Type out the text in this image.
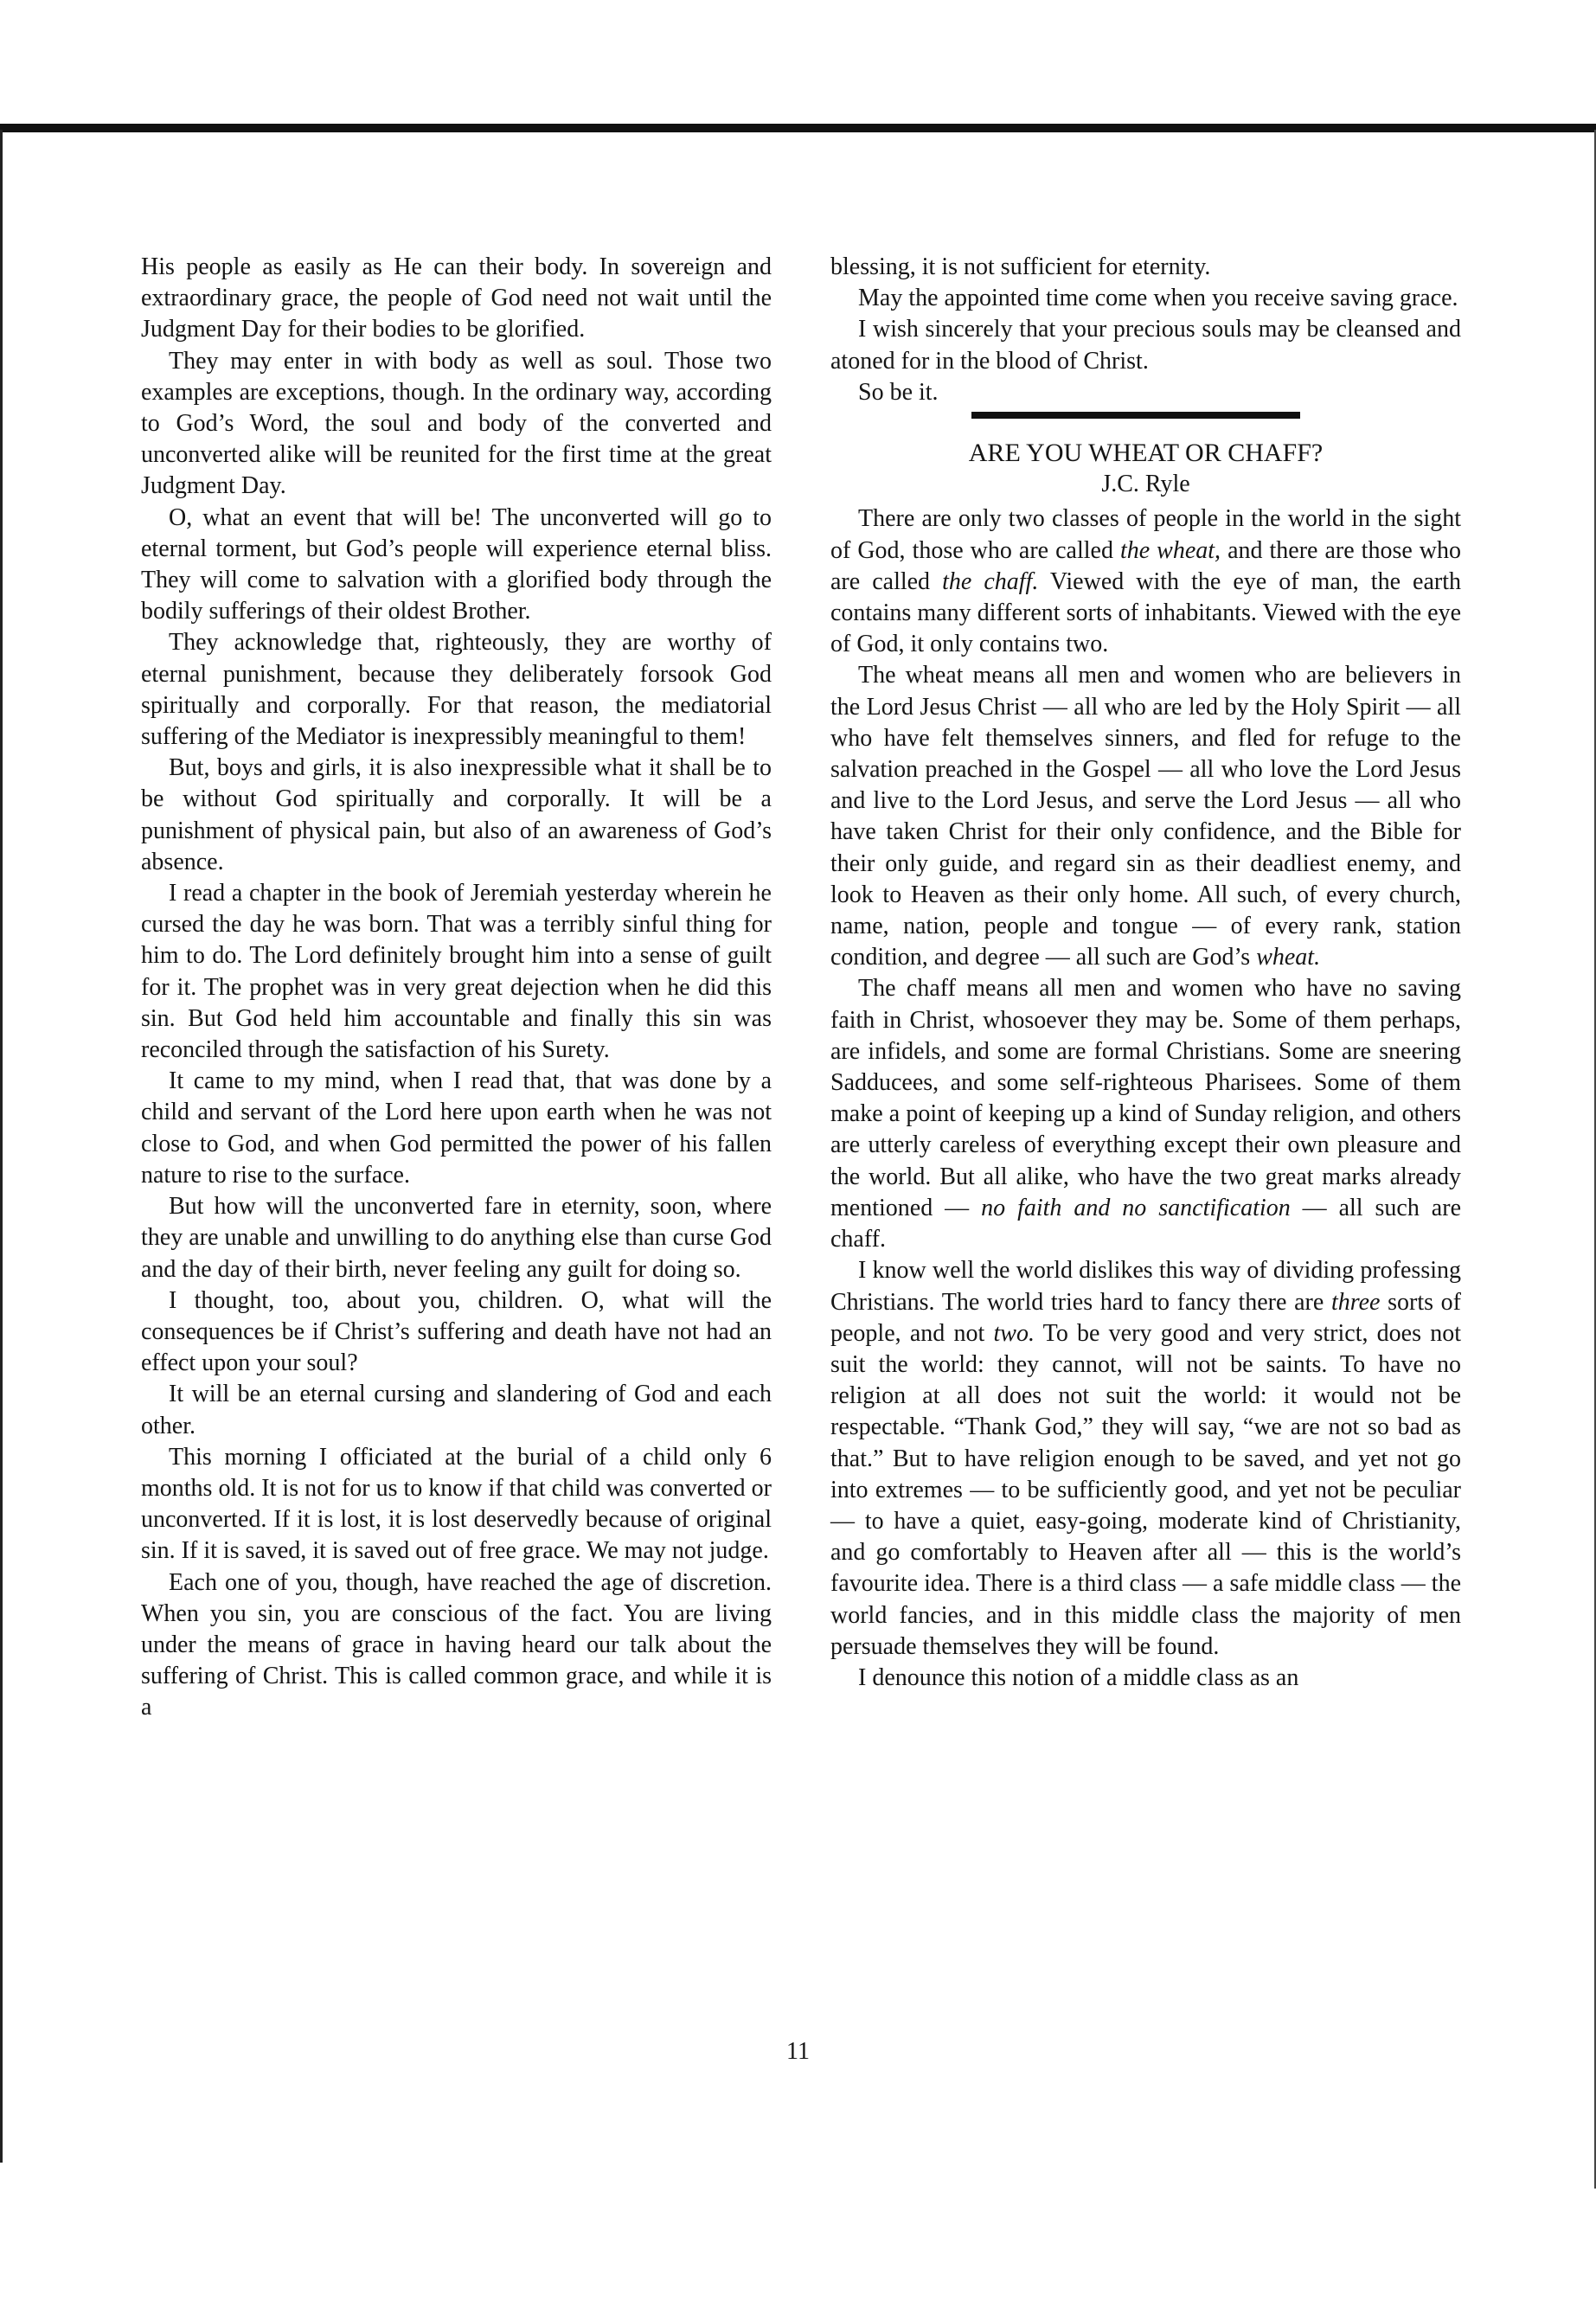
His people as easily as He can their body. In sovereign and extraordinary grace, the people of God need not wait until the Judgment Day for their bodies to be glorified.

They may enter in with body as well as soul. Those two examples are exceptions, though. In the ordinary way, according to God’s Word, the soul and body of the converted and unconverted alike will be reunited for the first time at the great Judgment Day.

O, what an event that will be! The unconverted will go to eternal torment, but God’s people will experience eternal bliss. They will come to salvation with a glorified body through the bodily sufferings of their oldest Brother.

They acknowledge that, righteously, they are worthy of eternal punishment, because they deliberately forsook God spiritually and corporally. For that reason, the mediatorial suffering of the Mediator is inexpressibly meaningful to them!

But, boys and girls, it is also inexpressible what it shall be to be without God spiritually and corporally. It will be a punishment of physical pain, but also of an awareness of God’s absence.

I read a chapter in the book of Jeremiah yesterday wherein he cursed the day he was born. That was a terribly sinful thing for him to do. The Lord definitely brought him into a sense of guilt for it. The prophet was in very great dejection when he did this sin. But God held him accountable and finally this sin was reconciled through the satisfaction of his Surety.

It came to my mind, when I read that, that was done by a child and servant of the Lord here upon earth when he was not close to God, and when God permitted the power of his fallen nature to rise to the surface.

But how will the unconverted fare in eternity, soon, where they are unable and unwilling to do anything else than curse God and the day of their birth, never feeling any guilt for doing so.

I thought, too, about you, children. O, what will the consequences be if Christ’s suffering and death have not had an effect upon your soul?

It will be an eternal cursing and slandering of God and each other.

This morning I officiated at the burial of a child only 6 months old. It is not for us to know if that child was converted or unconverted. If it is lost, it is lost deservedly because of original sin. If it is saved, it is saved out of free grace. We may not judge.

Each one of you, though, have reached the age of discretion. When you sin, you are conscious of the fact. You are living under the means of grace in having heard our talk about the suffering of Christ. This is called common grace, and while it is a

blessing, it is not sufficient for eternity.

May the appointed time come when you receive saving grace.

I wish sincerely that your precious souls may be cleansed and atoned for in the blood of Christ.

So be it.

ARE YOU WHEAT OR CHAFF?

J.C. Ryle

There are only two classes of people in the world in the sight of God, those who are called the wheat, and there are those who are called the chaff. Viewed with the eye of man, the earth contains many different sorts of inhabitants. Viewed with the eye of God, it only contains two.

The wheat means all men and women who are believers in the Lord Jesus Christ — all who are led by the Holy Spirit — all who have felt themselves sinners, and fled for refuge to the salvation preached in the Gospel — all who love the Lord Jesus and live to the Lord Jesus, and serve the Lord Jesus — all who have taken Christ for their only confidence, and the Bible for their only guide, and regard sin as their deadliest enemy, and look to Heaven as their only home. All such, of every church, name, nation, people and tongue — of every rank, station condition, and degree — all such are God’s wheat.

The chaff means all men and women who have no saving faith in Christ, whosoever they may be. Some of them perhaps, are infidels, and some are formal Christians. Some are sneering Sadducees, and some self-righteous Pharisees. Some of them make a point of keeping up a kind of Sunday religion, and others are utterly careless of everything except their own pleasure and the world. But all alike, who have the two great marks already mentioned — no faith and no sanctification — all such are chaff.

I know well the world dislikes this way of dividing professing Christians. The world tries hard to fancy there are three sorts of people, and not two. To be very good and very strict, does not suit the world: they cannot, will not be saints. To have no religion at all does not suit the world: it would not be respectable. “Thank God,” they will say, “we are not so bad as that.” But to have religion enough to be saved, and yet not go into extremes — to be sufficiently good, and yet not be peculiar — to have a quiet, easy-going, moderate kind of Christianity, and go comfortably to Heaven after all — this is the world’s favourite idea. There is a third class — a safe middle class — the world fancies, and in this middle class the majority of men persuade themselves they will be found.

I denounce this notion of a middle class as an

11
